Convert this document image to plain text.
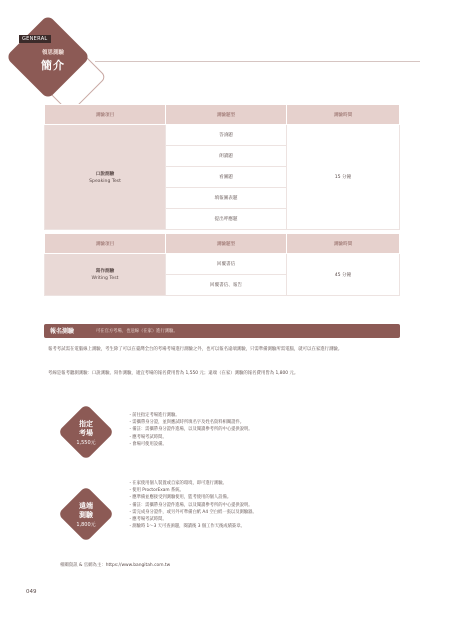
GENERAL
領思測驗
簡介
測驗項目	測驗題型	測驗時間
口說測驗
Speaking Test	答詢題	15 分鐘
	朗讀題	
	看圖題	
	填報圖表題	
	提出呼應題	
測驗項目	測驗題型	測驗時間
寫作測驗
Writing Test	回覆書信	45 分鐘
	回覆書信、報告	
報名測驗	可在官方考場、也送線（在家）進行測驗。
報考考試需在電腦線上測驗，考生除了可以在臺灣全台的考場考場進行測驗之外，也可以報名遠端測驗，只需準備測驗所需電腦，就可以在家進行測驗。
考線是報考聽測測驗：口說測驗、寫作測驗，適宜考場的報名費用皆為 1,550 元；遠端（在家）測驗的報名費用皆為 1,800 元。
指定
考場
1,550元
・ 前往指定考場進行測驗。
・ 需攜帶身分證，並與應試時所填名字及姓名資料相關證件。
・ 備註：需攜帶身分證件進場，以及閱讀參考所的中心提供說明。
・ 應考場考試時間。
・ 會場可使用設備。
遠端
測驗
1,800元
・ 在家使用個人裝置或自家的環境，即可進行測驗。
・ 使用 ProctorExam 系統。
・ 應準備並應接受到測驗使用，監考使用的個人設備。
・ 備註：需攜帶身分證件進場，以及閱讀參考所的中心提供說明。
・ 需完成身分證件，或另外可準備白紙 A4 空白紙一張以及測驗器。
・ 應考場考試時間。
・ 測驗時 1～3 天可查詢題，閱讀後 3 個工作天後成績簽章。
相關資訊 & 官網為主：https://www.bangitah.com.tw
049
